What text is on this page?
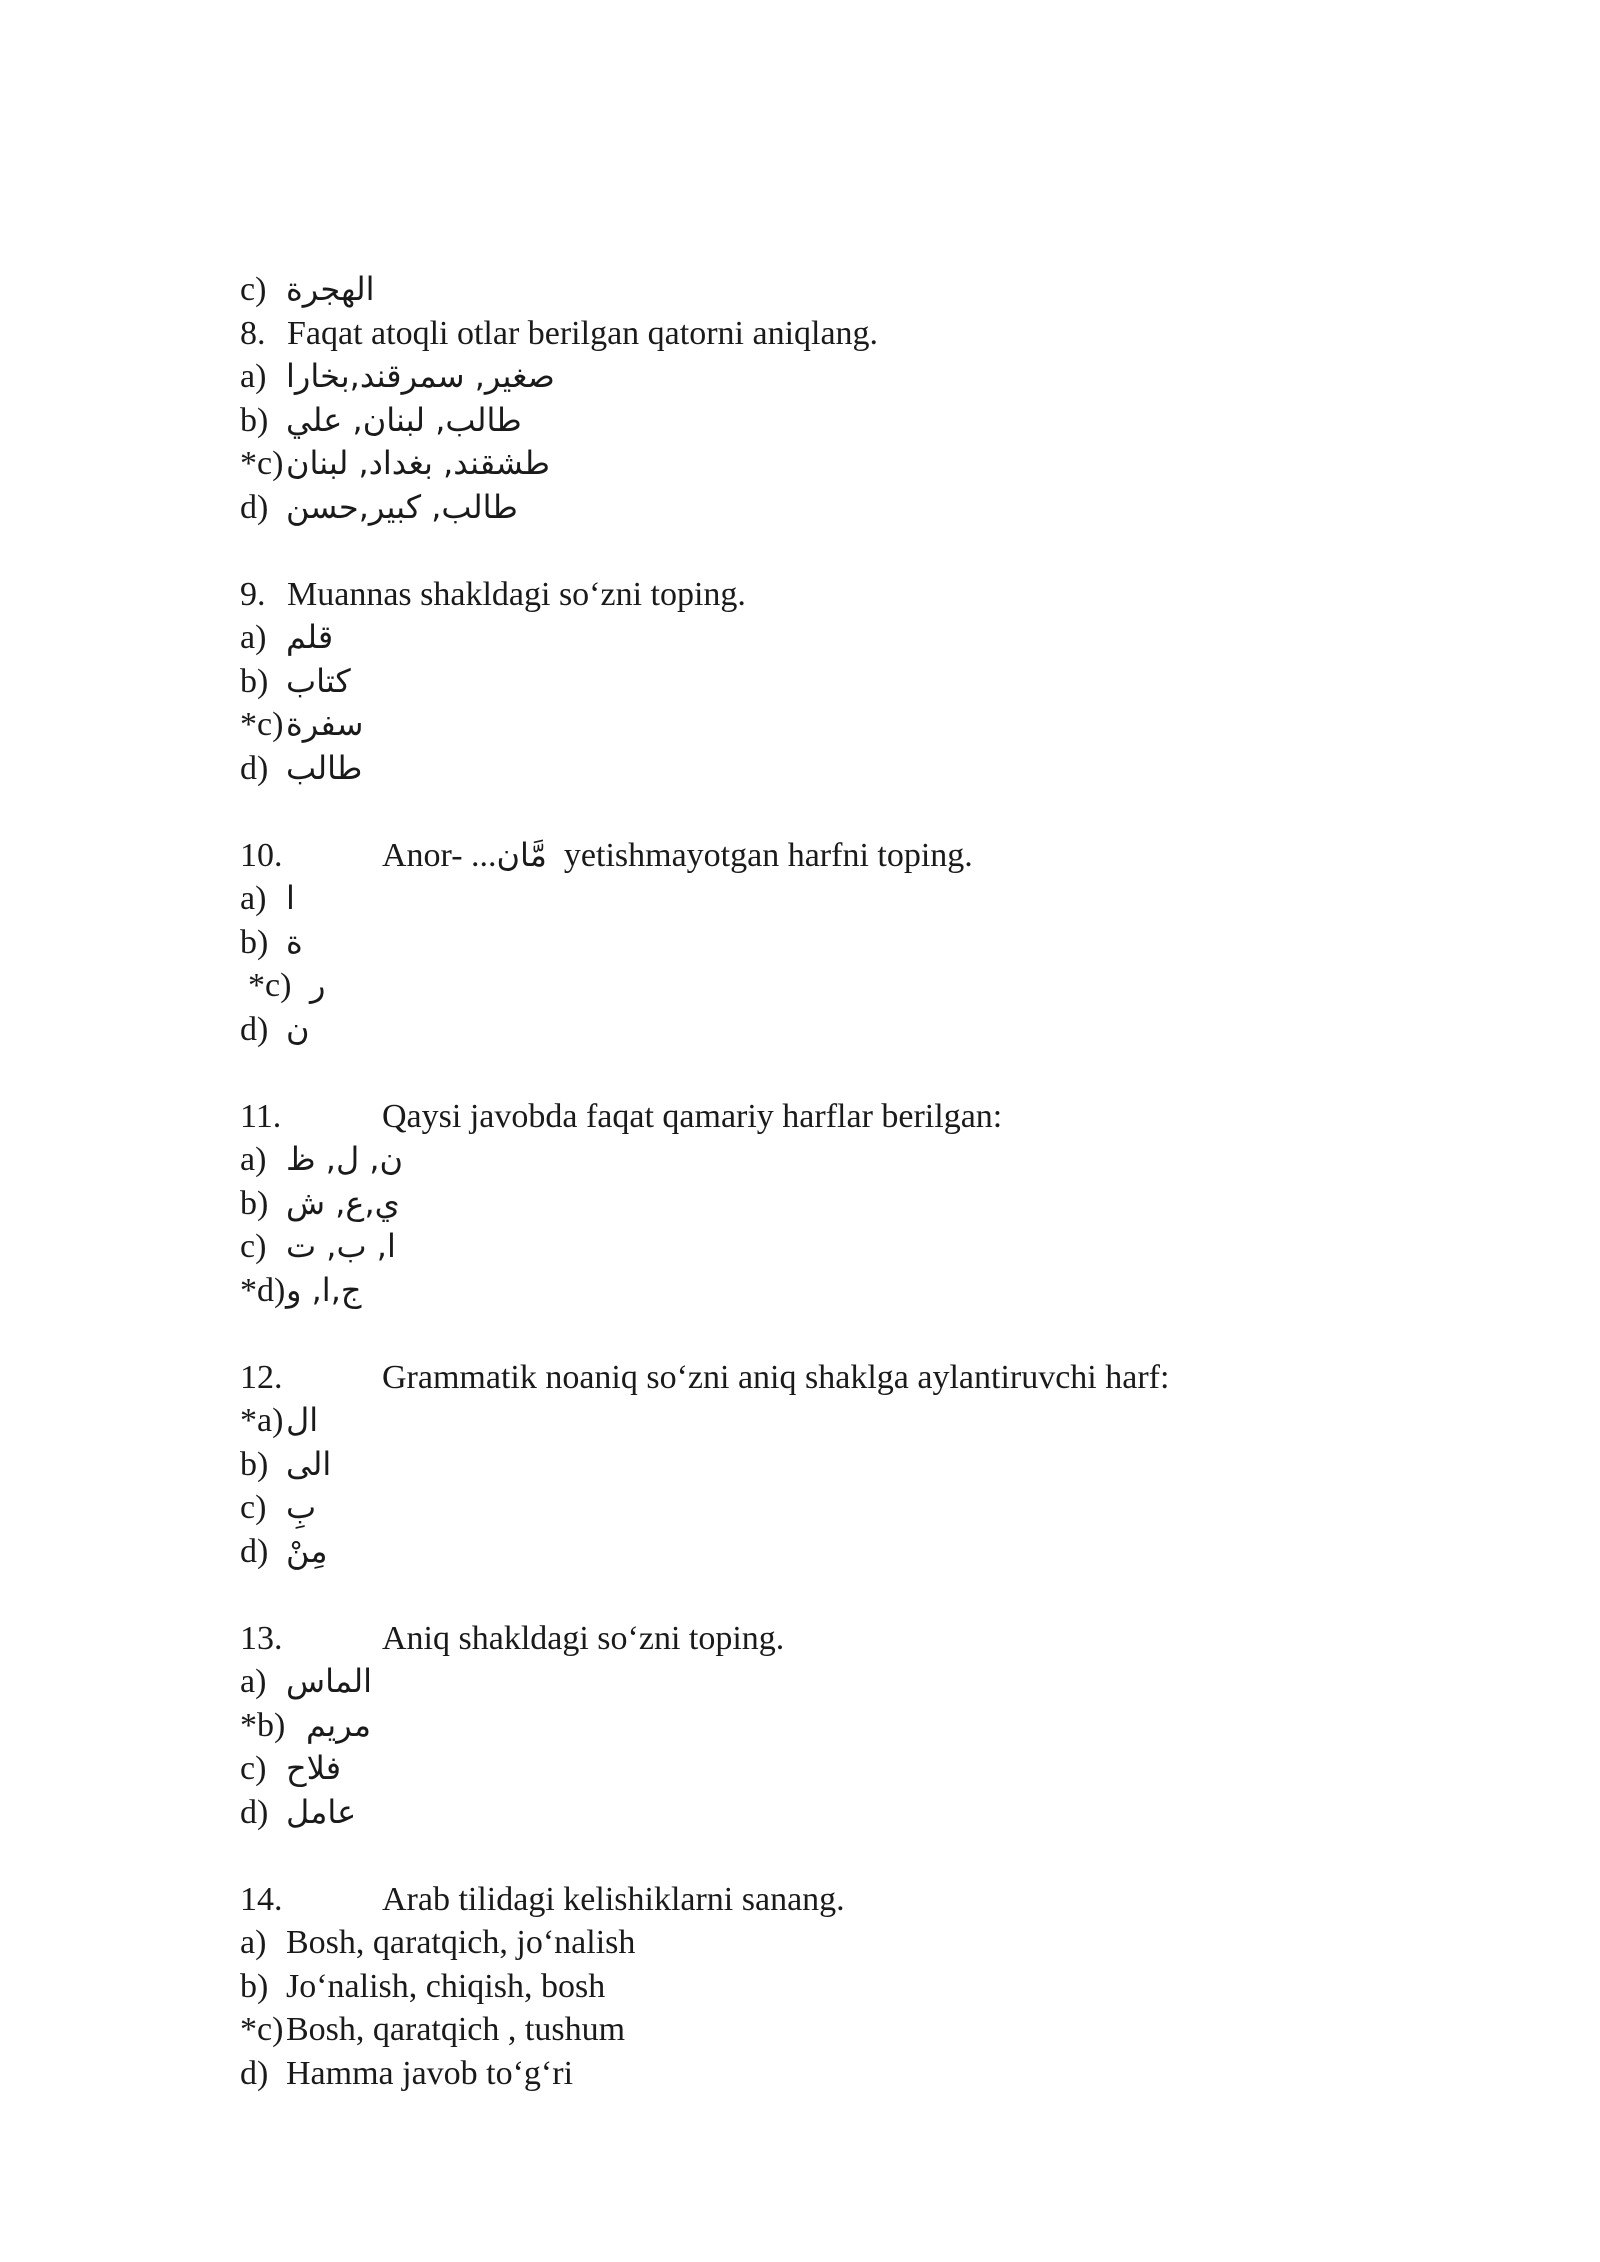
c) الهجرة
8. Faqat atoqli otlar berilgan qatorni aniqlang.
a) صغير, سمرقند,بخارا
b) طالب, لبنان, علي
*c)طشقند, بغداد, لبنان
d) طالب, كبير,حسن
9. Muannas shakldagi so‘zni toping.
a) قلم
b) كتاب
*c)سفرة
d) طالب
10.	Anor- ...مَّان yetishmayotgan harfni toping.
a) ا
b) ة
*c) ر
d) ن
11.	Qaysi javobda faqat qamariy harflar berilgan:
a) ن, ل, ظ
b) ي,ع, ش
c) ا, ب, ت
*d)ج,ا, و
12.	Grammatik noaniq so‘zni aniq shaklga aylantiruvchi harf:
*a)ال
b) الى
c) بِ
d) مِنْ
13.	Aniq shakldagi so‘zni toping.
a) الماس
*b) مريم
c) فلاح
d) عامل
14.	Arab tilidagi kelishiklarni sanang.
a) Bosh, qaratqich, jo‘nalish
b) Jo‘nalish, chiqish, bosh
*c)Bosh, qaratqich , tushum
d) Hamma javob to‘g‘ri
